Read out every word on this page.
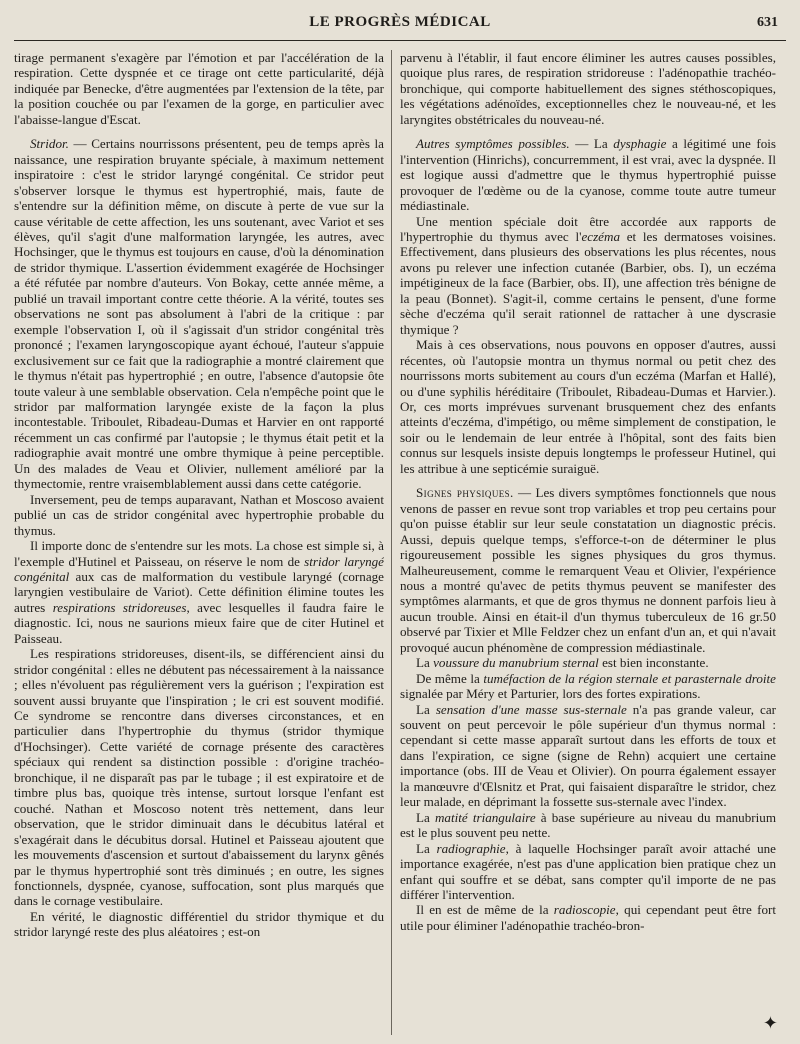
LE PROGRÈS MÉDICAL	631

tirage permanent s'exagère par l'émotion et par l'accélération de la respiration. Cette dyspnée et ce tirage ont cette particularité, déjà indiquée par Benecke, d'être augmentées par l'extension de la tête, par la position couchée ou par l'examen de la gorge, en particulier avec l'abaisse-langue d'Escat.

Stridor. — Certains nourrissons présentent, peu de temps après la naissance, une respiration bruyante spéciale, à maximum nettement inspiratoire : c'est le stridor laryngé congénital. Ce stridor peut s'observer lorsque le thymus est hypertrophié, mais, faute de s'entendre sur la définition même, on discute à perte de vue sur la cause véritable de cette affection, les uns soutenant, avec Variot et ses élèves, qu'il s'agit d'une malformation laryngée, les autres, avec Hochsinger, que le thymus est toujours en cause, d'où la dénomination de stridor thymique. L'assertion évidemment exagérée de Hochsinger a été réfutée par nombre d'auteurs. Von Bokay, cette année même, a publié un travail important contre cette théorie. A la vérité, toutes ses observations ne sont pas absolument à l'abri de la critique : par exemple l'observation I, où il s'agissait d'un stridor congénital très prononcé ; l'examen laryngoscopique ayant échoué, l'auteur s'appuie exclusivement sur ce fait que la radiographie a montré clairement que le thymus n'était pas hypertrophié ; en outre, l'absence d'autopsie ôte toute valeur à une semblable observation. Cela n'empêche point que le stridor par malformation laryngée existe de la façon la plus incontestable. Triboulet, Ribadeau-Dumas et Harvier en ont rapporté récemment un cas confirmé par l'autopsie ; le thymus était petit et la radiographie avait montré une ombre thymique à peine perceptible. Un des malades de Veau et Olivier, nullement amélioré par la thymectomie, rentre vraisemblablement aussi dans cette catégorie.

Inversement, peu de temps auparavant, Nathan et Moscoso avaient publié un cas de stridor congénital avec hypertrophie probable du thymus.

Il importe donc de s'entendre sur les mots. La chose est simple si, à l'exemple d'Hutinel et Paisseau, on réserve le nom de stridor laryngé congénital aux cas de malformation du vestibule laryngé (cornage laryngien vestibulaire de Variot). Cette définition élimine toutes les autres respirations stridoreuses, avec lesquelles il faudra faire le diagnostic. Ici, nous ne saurions mieux faire que de citer Hutinel et Paisseau.

Les respirations stridoreuses, disent-ils, se différencient ainsi du stridor congénital : elles ne débutent pas nécessairement à la naissance ; elles n'évoluent pas régulièrement vers la guérison ; l'expiration est souvent aussi bruyante que l'inspiration ; le cri est souvent modifié. Ce syndrome se rencontre dans diverses circonstances, et en particulier dans l'hypertrophie du thymus (stridor thymique d'Hochsinger). Cette variété de cornage présente des caractères spéciaux qui rendent sa distinction possible : d'origine trachéo-bronchique, il ne disparaît pas par le tubage ; il est expiratoire et de timbre plus bas, quoique très intense, surtout lorsque l'enfant est couché. Nathan et Moscoso notent très nettement, dans leur observation, que le stridor diminuait dans le décubitus latéral et s'exagérait dans le décubitus dorsal. Hutinel et Paisseau ajoutent que les mouvements d'ascension et surtout d'abaissement du larynx gênés par le thymus hypertrophié sont très diminués ; en outre, les signes fonctionnels, dyspnée, cyanose, suffocation, sont plus marqués que dans le cornage vestibulaire.

En vérité, le diagnostic différentiel du stridor thymique et du stridor laryngé reste des plus aléatoires ; est-on

parvenu à l'établir, il faut encore éliminer les autres causes possibles, quoique plus rares, de respiration stridoreuse : l'adénopathie trachéo-bronchique, qui comporte habituellement des signes stéthoscopiques, les végétations adénoïdes, exceptionnelles chez le nouveau-né, et les laryngites obstétricales du nouveau-né.

Autres symptômes possibles. — La dysphagie a légitimé une fois l'intervention (Hinrichs), concurremment, il est vrai, avec la dyspnée. Il est logique aussi d'admettre que le thymus hypertrophié puisse provoquer de l'œdème ou de la cyanose, comme toute autre tumeur médiastinale.

Une mention spéciale doit être accordée aux rapports de l'hypertrophie du thymus avec l'eczéma et les dermatoses voisines. Effectivement, dans plusieurs des observations les plus récentes, nous avons pu relever une infection cutanée (Barbier, obs. I), un eczéma impétigineux de la face (Barbier, obs. II), une affection très bénigne de la peau (Bonnet). S'agit-il, comme certains le pensent, d'une forme sèche d'eczéma qu'il serait rationnel de rattacher à une dyscrasie thymique ?

Mais à ces observations, nous pouvons en opposer d'autres, aussi récentes, où l'autopsie montra un thymus normal ou petit chez des nourrissons morts subitement au cours d'un eczéma (Marfan et Hallé), ou d'une syphilis héréditaire (Triboulet, Ribadeau-Dumas et Harvier.). Or, ces morts imprévues survenant brusquement chez des enfants atteints d'eczéma, d'impétigo, ou même simplement de constipation, le soir ou le lendemain de leur entrée à l'hôpital, sont des faits bien connus sur lesquels insiste depuis longtemps le professeur Hutinel, qui les attribue à une septicémie suraiguë.

Signes physiques. — Les divers symptômes fonctionnels que nous venons de passer en revue sont trop variables et trop peu certains pour qu'on puisse établir sur leur seule constatation un diagnostic précis. Aussi, depuis quelque temps, s'efforce-t-on de déterminer le plus rigoureusement possible les signes physiques du gros thymus. Malheureusement, comme le remarquent Veau et Olivier, l'expérience nous a montré qu'avec de petits thymus peuvent se manifester des symptômes alarmants, et que de gros thymus ne donnent parfois lieu à aucun trouble. Ainsi en était-il d'un thymus tuberculeux de 16 gr.50 observé par Tixier et Mlle Feldzer chez un enfant d'un an, et qui n'avait provoqué aucun phénomène de compression médiastinale.

La voussure du manubrium sternal est bien inconstante.

De même la tuméfaction de la région sternale et parasternale droite signalée par Méry et Parturier, lors des fortes expirations.

La sensation d'une masse sus-sternale n'a pas grande valeur, car souvent on peut percevoir le pôle supérieur d'un thymus normal : cependant si cette masse apparaît surtout dans les efforts de toux et dans l'expiration, ce signe (signe de Rehn) acquiert une certaine importance (obs. III de Veau et Olivier). On pourra également essayer la manœuvre d'Œlsnitz et Prat, qui faisaient disparaître le stridor, chez leur malade, en déprimant la fossette sus-sternale avec l'index.

La matité triangulaire à base supérieure au niveau du manubrium est le plus souvent peu nette.

La radiographie, à laquelle Hochsinger paraît avoir attaché une importance exagérée, n'est pas d'une application bien pratique chez un enfant qui souffre et se débat, sans compter qu'il importe de ne pas différer l'intervention.

Il en est de même de la radioscopie, qui cependant peut être fort utile pour éliminer l'adénopathie trachéo-bron-

✦
